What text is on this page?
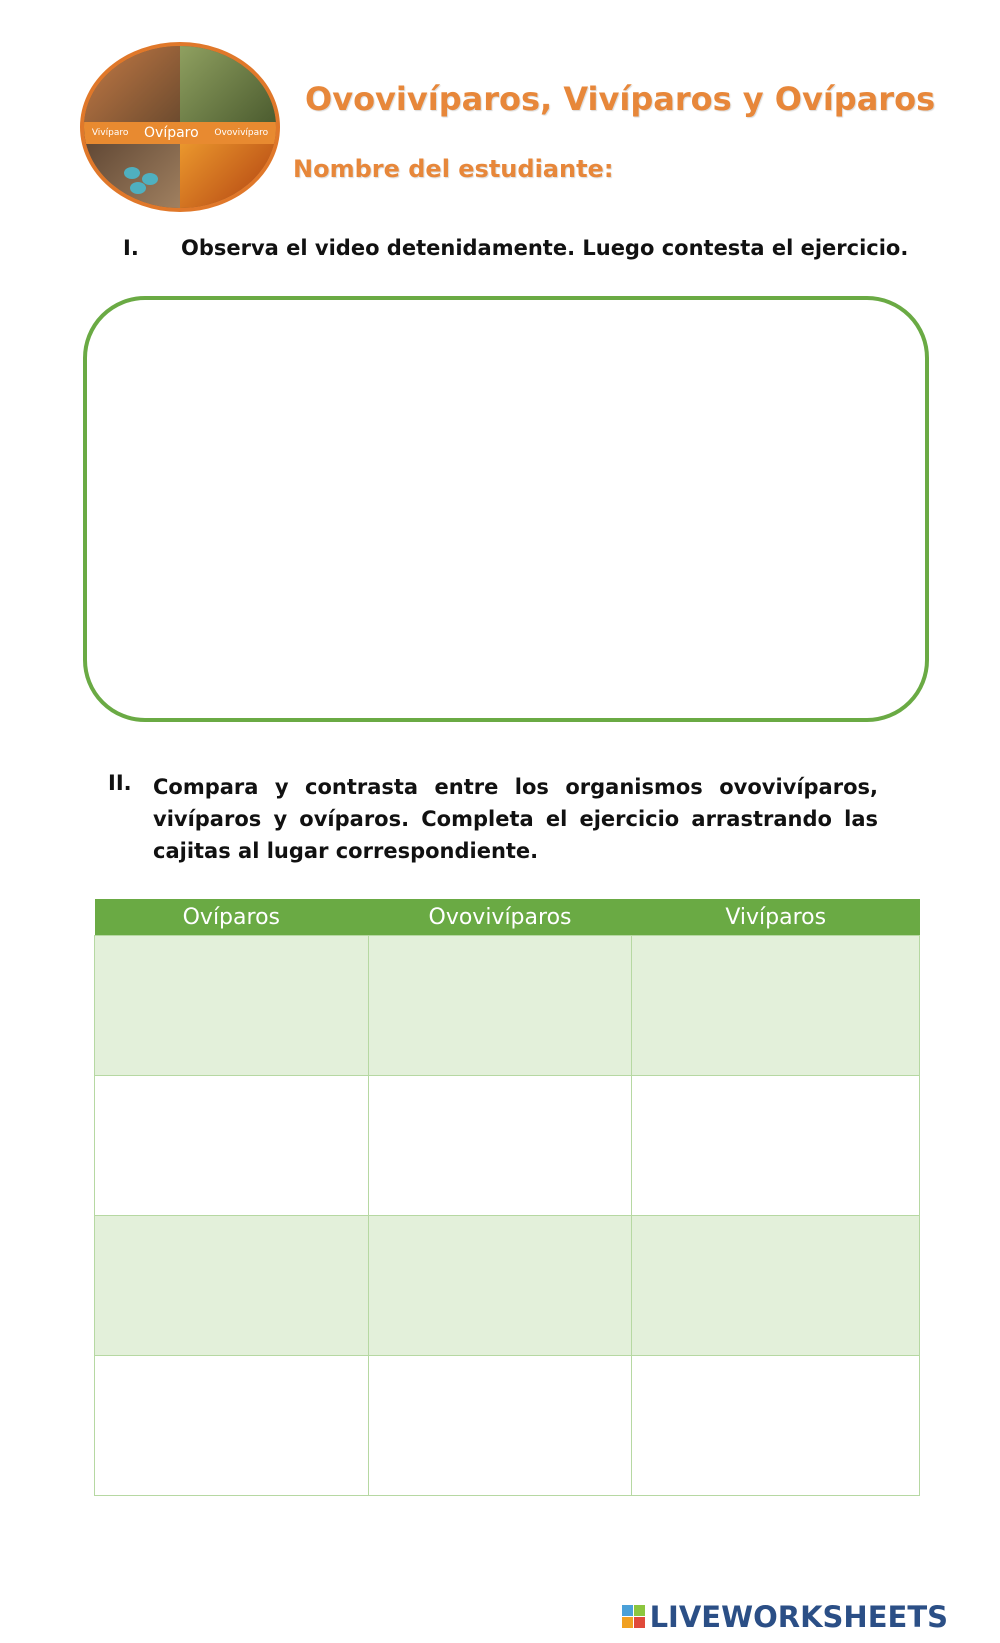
Vivíparo Ovíparo Ovovivíparo
Ovovivíparos, Vivíparos y Ovíparos
Nombre del estudiante:
I. Observa el video detenidamente. Luego contesta el ejercicio.
II. Compara y contrasta entre los organismos ovovivíparos, vivíparos y ovíparos. Completa el ejercicio arrastrando las cajitas al lugar correspondiente.
Ovíparos	Ovovivíparos	Vivíparos

LIVEWORKSHEETS
